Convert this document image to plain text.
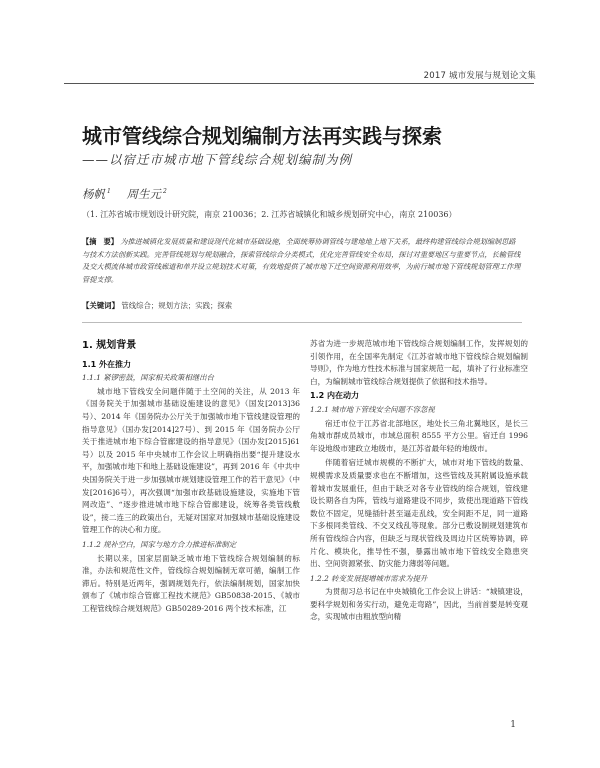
2017 城市发展与规划论文集
城市管线综合规划编制方法再实践与探索
——以宿迁市城市地下管线综合规划编制为例
杨帆 $^1$ 周生元 $^2$
（1. 江苏省城市规划设计研究院，南京 210036；2. 江苏省城镇化和城乡规划研究中心，南京 210036）
【摘　要】 为推进城镇化发展质量和建设现代化城市基础设施，全面统筹协调管线与建地地上地下关系，最终构建管线综合规划编制思路与技术方法创新实践。完善管线规划与规划融合，探索管线综合分类模式，优化完善管线安全布局，探讨对重要地区与重要节点，长输管线及交大模流体城市政管线廊道和单并设立规划技术对策，有效地提供了城市地下迁空间资源利用效率，为前行城市地下管线规划管理工作理管提支撑。
【关键词】 管线综合；规划方法；实践；探索
1. 规划背景
1.1 外在推力
1.1.1 紧锣密鼓，国家相关政策相继出台

城市地下管线安全问题伴随于土空间的关注，从 2013 年《国务院关于加强城市基础设施建设的意见》（国发[2013]36号）、2014 年《国务院办公厅关于加强城市地下管线建设管理的指导意见》（国办发[2014]27号）、到 2015 年《国务院办公厅关于推进城市地下综合管廊建设的指导意见》（国办发[2015]61号）以及 2015 年中央城市工作会议上明确指出要“提升建设水平，加强城市地下和地上基础设施建设”，再到 2016 年《中共中央国务院关于进一步加强城市规划建设管理工作的若干意见》（中发[2016]6号），再次强调“加强市政基础设施建设，实施地下管网改造”、“逐步推进城市地下综合管廊建设，统筹各类管线敷设”，接二连三的政策出台，无疑对国家对加强城市基础设施建设管理工作的决心和力度。

1.1.2 规补空白，国家与地方合力推进标准制定

长期以来，国家层面缺乏城市地下管线综合规划编制的标准，办法和规范性文件，管线综合规划编制无章可循，编制工作滞后。特别是近两年，强调规划先行，依法编制规划，国家加快颁布了《城市综合管廊工程技术规范》GB50838-2015、《城市工程管线综合规划规范》GB50289-2016 两个技术标准，江

苏省为进一步规范城市地下管线综合规划编制工作，发挥规划的引领作用，在全国率先制定《江苏省城市地下管线综合规划编制导则》，作为地方性技术标准与国家规范一起，填补了行业标准空白，为编制城市管线综合规划提供了依据和技术指导。

1.2 内在动力
1.2.1 城市地下管线安全问题不容忽视

宿迁市位于江苏省北部地区，地处长三角北翼地区，是长三角城市群成员城市，市域总面积 8555 平方公里。宿迁自 1996 年设地级市建政立地级市，是江苏省最年轻的地级市。

伴随着宿迁城市规模的不断扩大，城市对地下管线的数量、规模需求及质量要求也在不断增加，这些管线及其附属设施承载着城市发展重任，但由于缺乏对各专业管线的综合规划，管线建设长期各自为阵，管线与道路建设不同步，致使出现道路下管线数位不固定，见缝插针甚至逼走乱线，安全间距不足，同一道路下多根同类管线、不交叉线乱等现象。部分已敷设制规划建筑布所有管线综合内容，但缺乏与现状管线及周边片区统筹协调，碎片化、模块化，推导性不强，暴露出城市地下管线安全隐患突出、空间资源紧张、防灾能力薄弱等问题。

1.2.2 转变发展提增城市需求为提升

为贯彻习总书记在中央城镇化工作会议上讲话：“城镇建设，要科学规划和务实行动，避免走弯路”，因此，当前首要是转变观念，实现城市由粗放型向精

1
